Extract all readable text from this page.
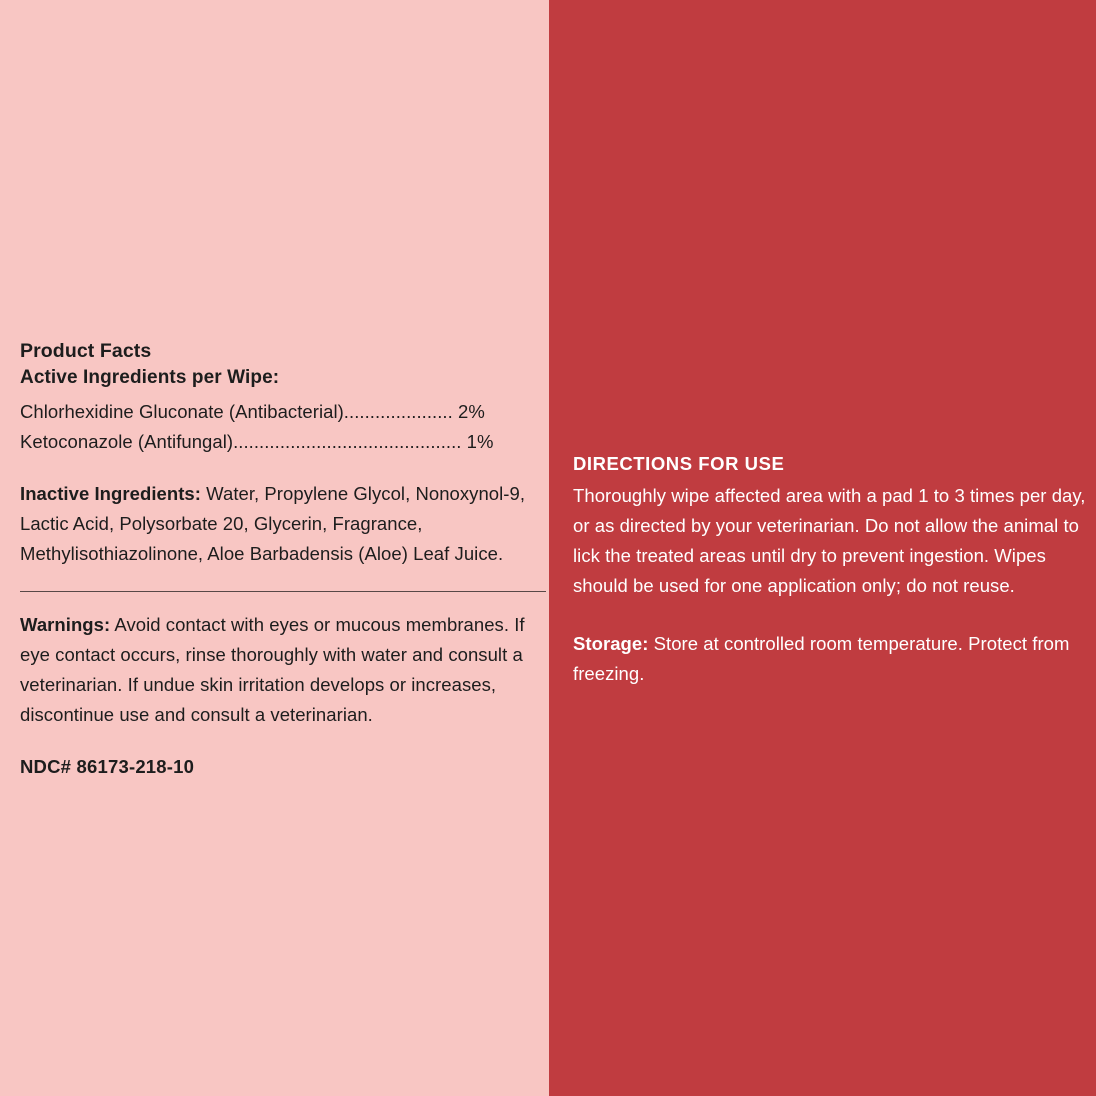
Product Facts
Active Ingredients per Wipe:
Chlorhexidine Gluconate (Antibacterial)..................... 2%
Ketoconazole (Antifungal)............................................ 1%
Inactive Ingredients: Water, Propylene Glycol, Nonoxynol-9, Lactic Acid, Polysorbate 20, Glycerin, Fragrance, Methylisothiazolinone, Aloe Barbadensis (Aloe) Leaf Juice.
Warnings: Avoid contact with eyes or mucous membranes. If eye contact occurs, rinse thoroughly with water and consult a veterinarian. If undue skin irritation develops or increases, discontinue use and consult a veterinarian.
NDC# 86173-218-10
DIRECTIONS FOR USE
Thoroughly wipe affected area with a pad 1 to 3 times per day, or as directed by your veterinarian. Do not allow the animal to lick the treated areas until dry to prevent ingestion. Wipes should be used for one application only; do not reuse.
Storage: Store at controlled room temperature. Protect from freezing.
